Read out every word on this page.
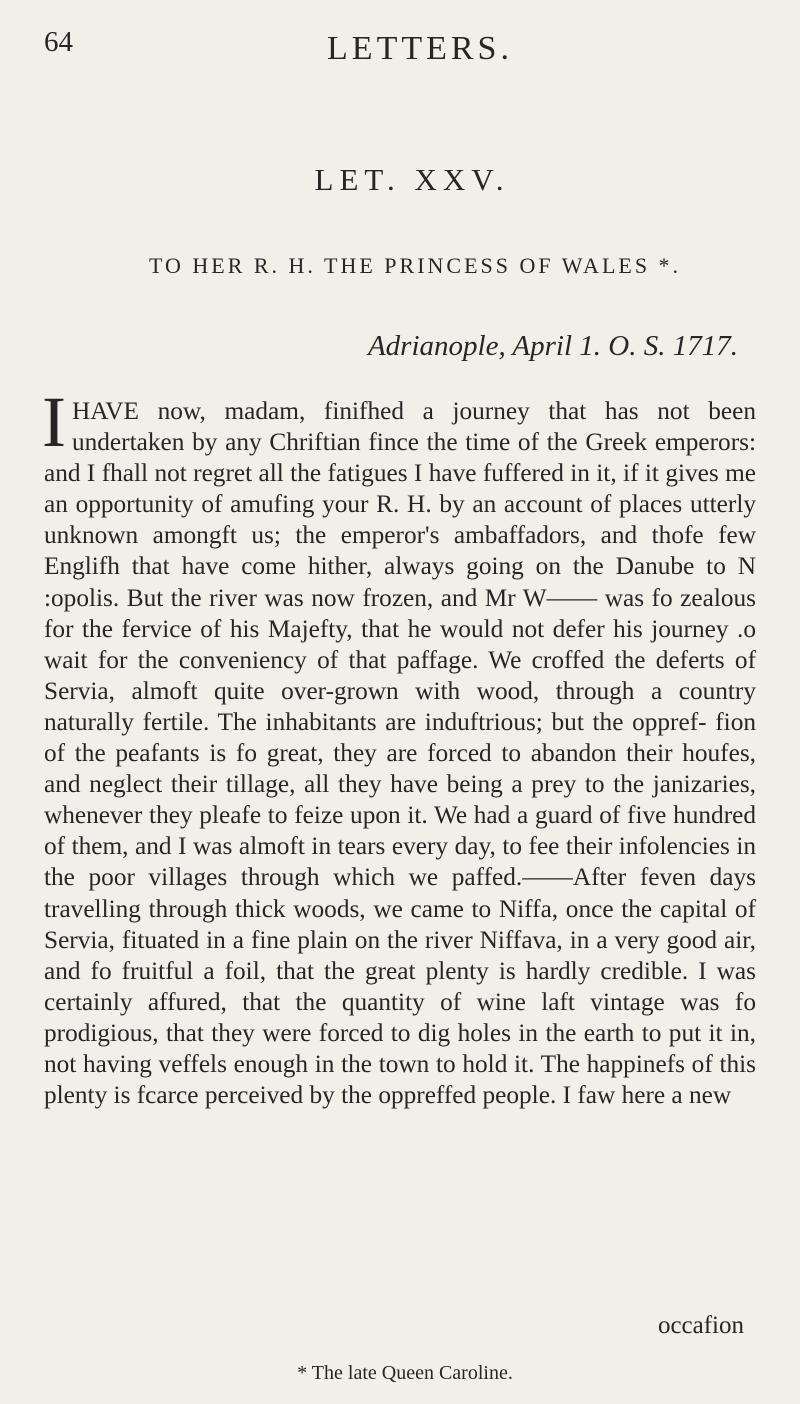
64	LETTERS.
LET. XXV.
TO HER R. H. THE PRINCESS OF WALES *.
Adrianople, April 1. O. S. 1717.
I HAVE now, madam, finifhed a journey that has not been undertaken by any Chriftian fince the time of the Greek emperors: and I fhall not regret all the fatigues I have fuffered in it, if it gives me an opportunity of amufing your R. H. by an account of places utterly unknown amongft us; the emperor's ambaffadors, and thofe few Englifh that have come hither, always going on the Danube to N :opolis. But the river was now frozen, and Mr W—— was fo zealous for the fervice of his Majefty, that he would not defer his journey .o wait for the conveniency of that paffage. We croffed the deferts of Servia, almoft quite over-grown with wood, through a country naturally fertile. The inhabitants are induftrious; but the oppref- fion of the peafants is fo great, they are forced to abandon their houfes, and neglect their tillage, all they have being a prey to the janizaries, whenever they pleafe to feize upon it. We had a guard of five hundred of them, and I was almoft in tears every day, to fee their infolencies in the poor villages through which we paffed.——After feven days travelling through thick woods, we came to Niffa, once the capital of Servia, fituated in a fine plain on the river Niffava, in a very good air, and fo fruitful a foil, that the great plenty is hardly credible. I was certainly affured, that the quantity of wine laft vintage was fo prodigious, that they were forced to dig holes in the earth to put it in, not having veffels enough in the town to hold it. The happinefs of this plenty is fcarce perceived by the oppreffed people. I faw here a new
occafion
* The late Queen Caroline.
